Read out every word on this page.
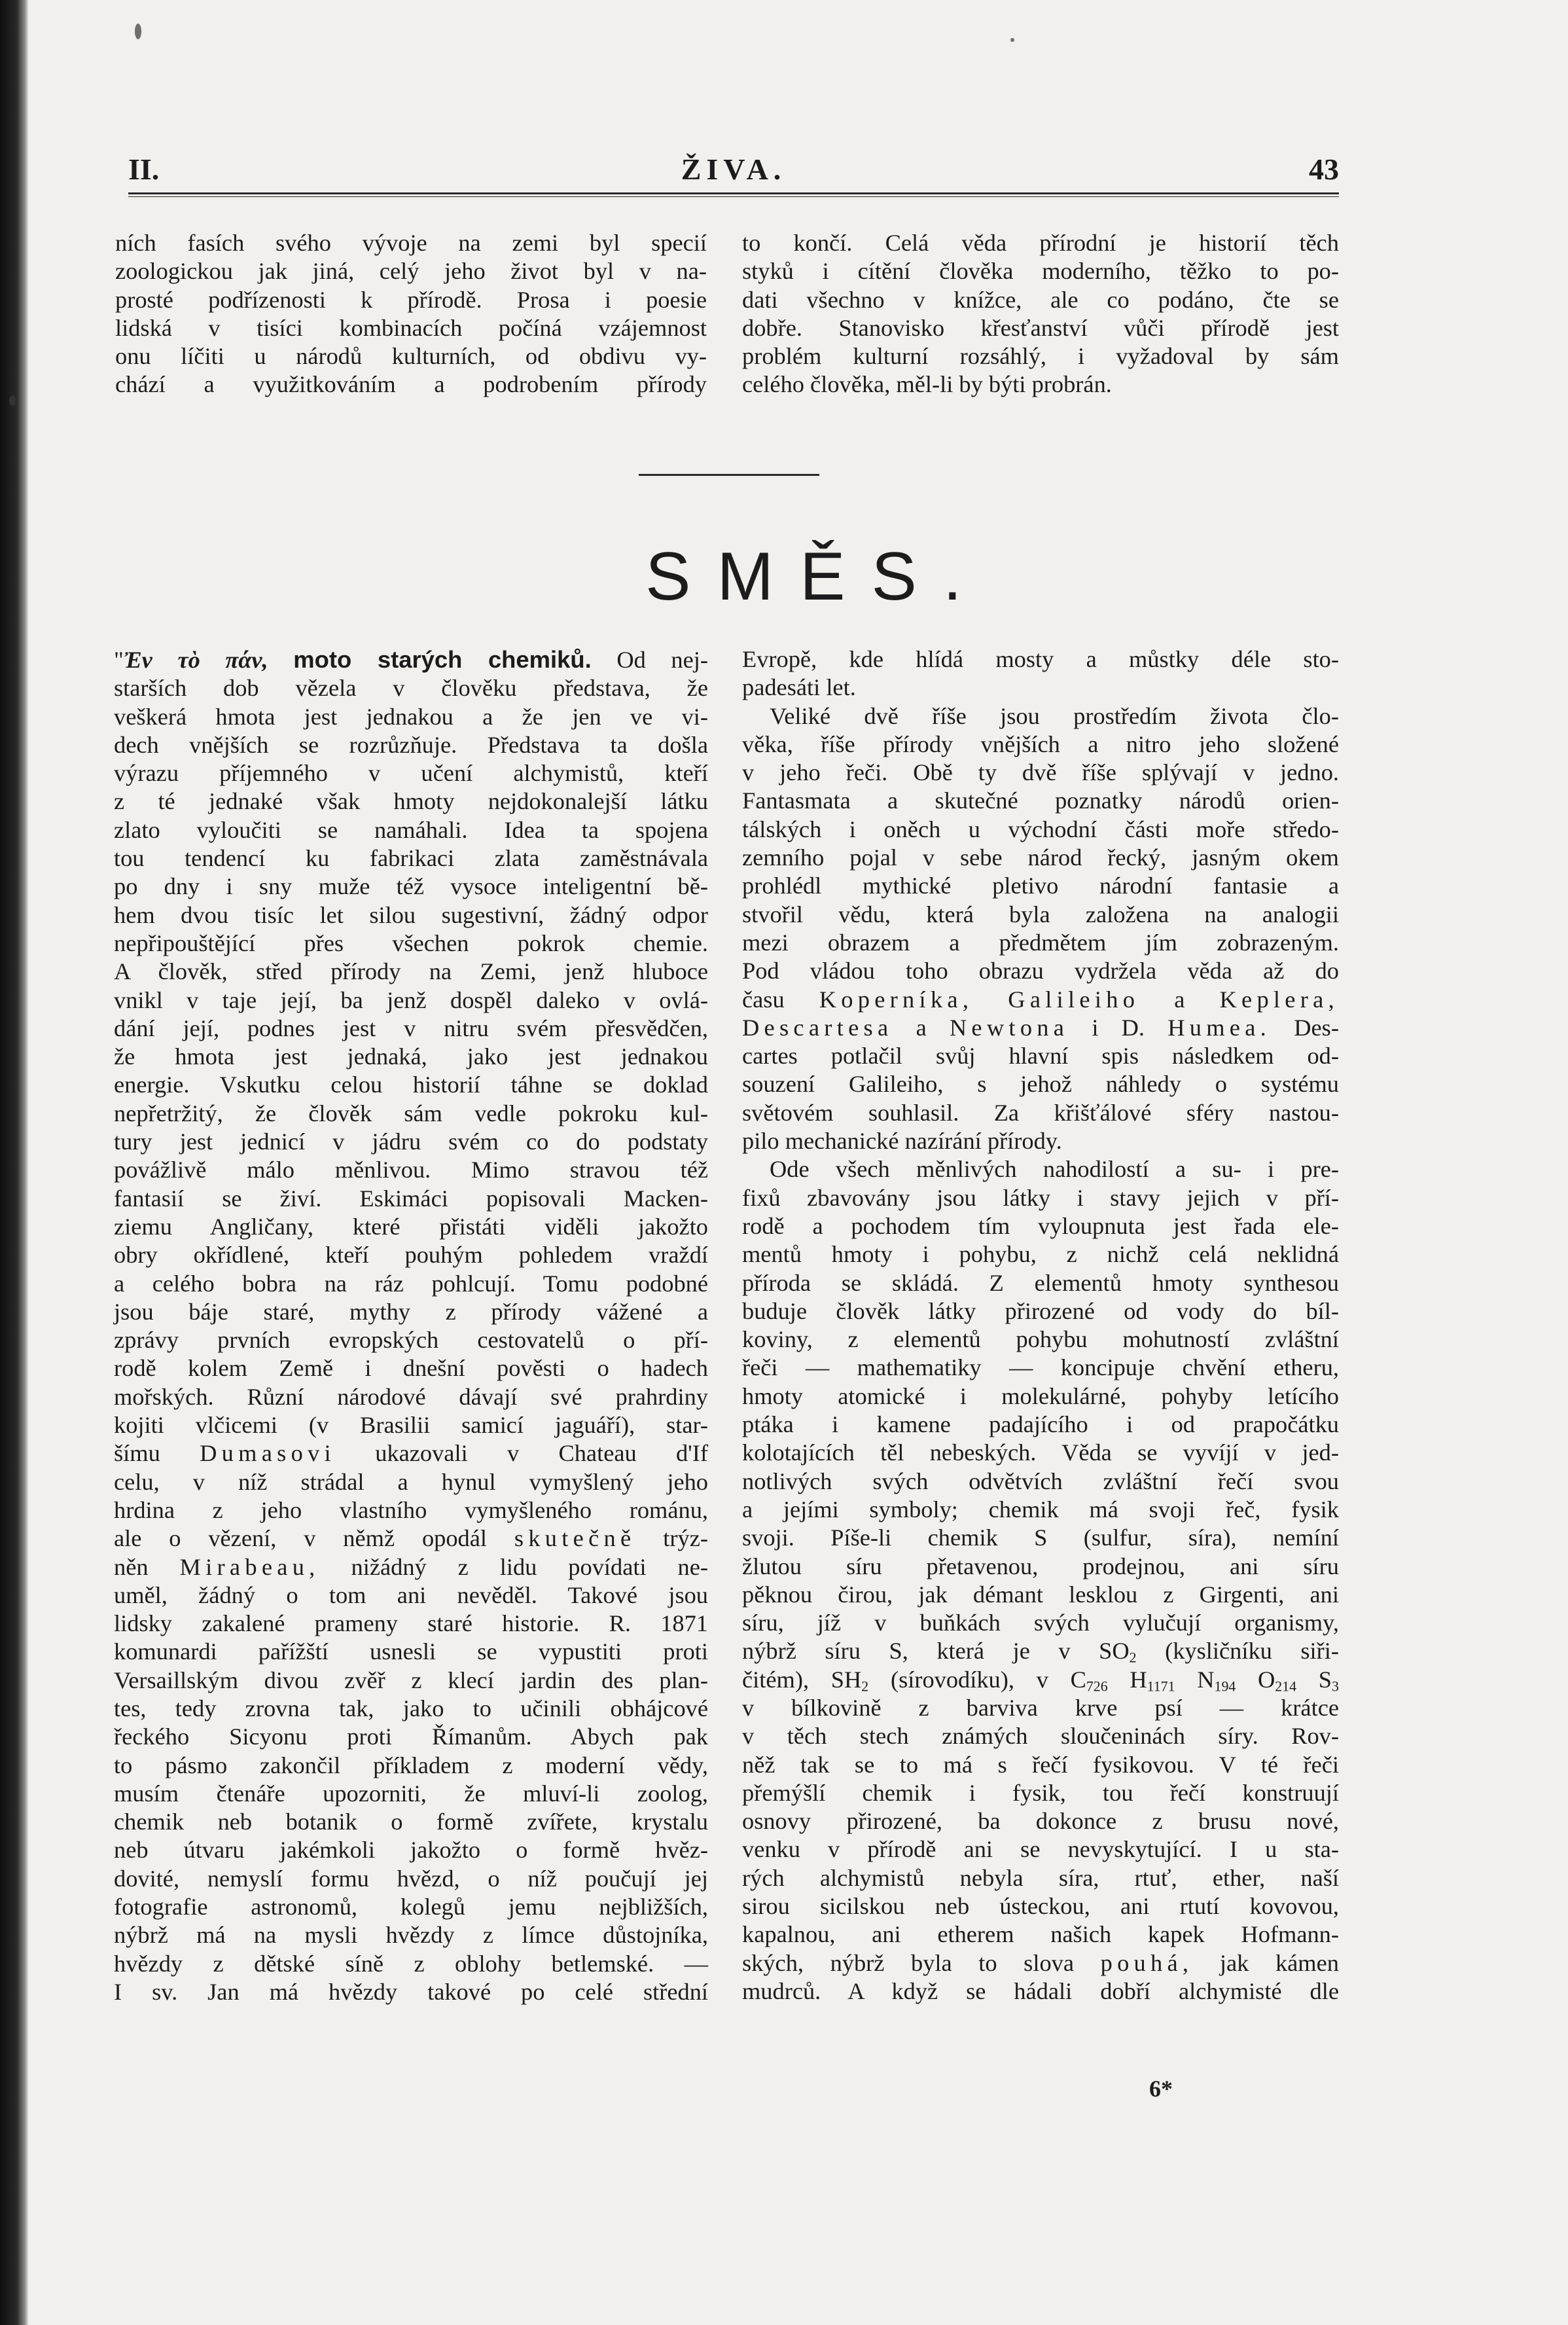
II.	ŽIVA.	43
ních fasích svého vývoje na zemi byl specií
zoologickou jak jiná, celý jeho život byl v na-
prosté podřízenosti k přírodě. Prosa i poesie
lidská v tisíci kombinacích počíná vzájemnost
onu líčiti u národů kulturních, od obdivu vy-
chází a využitkováním a podrobením přírody
to končí. Celá věda přírodní je historií těch
styků i cítění člověka moderního, těžko to po-
dati všechno v knížce, ale co podáno, čte se
dobře. Stanovisko křesťanství vůči přírodě jest
problém kulturní rozsáhlý, i vyžadoval by sám
celého člověka, měl-li by býti probrán.
SMĚS.
"Ἐν τὸ πάν, moto starých chemiků. Od nej-
starších dob vězela v člověku představa, že
veškerá hmota jest jednakou a že jen ve vi-
dech vnějších se rozrůzňuje. Představa ta došla
výrazu příjemného v učení alchymistů, kteří
z té jednaké však hmoty nejdokonalejší látku
zlato vyloučiti se namáhali. Idea ta spojena
tou tendencí ku fabrikaci zlata zaměstnávala
po dny i sny muže též vysoce inteligentní bě-
hem dvou tisíc let silou sugestivní, žádný odpor
nepřipouštějící přes všechen pokrok chemie.
A člověk, střed přírody na Zemi, jenž hluboce
vnikl v taje její, ba jenž dospěl daleko v ovlá-
dání její, podnes jest v nitru svém přesvědčen,
že hmota jest jednaká, jako jest jednakou
energie. Vskutku celou historií táhne se doklad
nepřetržitý, že člověk sám vedle pokroku kul-
tury jest jednicí v jádru svém co do podstaty
povážlivě málo měnlivou. Mimo stravou též
fantasií se živí. Eskimáci popisovali Macken-
ziemu Angličany, které přistáti viděli jakožto
obry okřídlené, kteří pouhým pohledem vraždí
a celého bobra na ráz pohlcují. Tomu podobné
jsou báje staré, mythy z přírody vážené a
zprávy prvních evropských cestovatelů o pří-
rodě kolem Země i dnešní pověsti o hadech
mořských. Různí národové dávají své prahrdiny
kojiti vlčicemi (v Brasilii samicí jaguáří), star-
šímu Dumasovi ukazovali v Chateau d'If
celu, v níž strádal a hynul vymyšlený jeho
hrdina z jeho vlastního vymyšleného románu,
ale o vězení, v němž opodál skutečně trýz-
něn Mirabeau, nižádný z lidu povídati ne-
uměl, žádný o tom ani nevěděl. Takové jsou
lidsky zakalené prameny staré historie. R. 1871
komunardi pařížští usnesli se vypustiti proti
Versaillským divou zvěř z klecí jardin des plan-
tes, tedy zrovna tak, jako to učinili obhájcové
řeckého Sicyonu proti Římanům. Abych pak
to pásmo zakončil příkladem z moderní vědy,
musím čtenáře upozorniti, že mluví-li zoolog,
chemik neb botanik o formě zvířete, krystalu
neb útvaru jakémkoli jakožto o formě hvěz-
dovité, nemyslí formu hvězd, o níž poučují jej
fotografie astronomů, kolegů jemu nejbližších,
nýbrž má na mysli hvězdy z límce důstojníka,
hvězdy z dětské síně z oblohy betlemské. —
I sv. Jan má hvězdy takové po celé střední
Evropě, kde hlídá mosty a můstky déle sto-
padesáti let.
Veliké dvě říše jsou prostředím života člo-
věka, říše přírody vnějších a nitro jeho složené
v jeho řeči. Obě ty dvě říše splývají v jedno.
Fantasmata a skutečné poznatky národů orien-
tálských i oněch u východní části moře středo-
zemního pojal v sebe národ řecký, jasným okem
prohlédl mythické pletivo národní fantasie a
stvořil vědu, která byla založena na analogii
mezi obrazem a předmětem jím zobrazeným.
Pod vládou toho obrazu vydržela věda až do
času Koperníka, Galileiho a Keplera,
Descartesa a Newtona i D. Humea. Des-
cartes potlačil svůj hlavní spis následkem od-
souzení Galileiho, s jehož náhledy o systému
světovém souhlasil. Za křišťálové sféry nastou-
pilo mechanické nazírání přírody.
Ode všech měnlivých nahodilostí a su- i pre-
fixů zbavovány jsou látky i stavy jejich v pří-
rodě a pochodem tím vyloupnuta jest řada ele-
mentů hmoty i pohybu, z nichž celá neklidná
příroda se skládá. Z elementů hmoty synthesou
buduje člověk látky přirozené od vody do bíl-
koviny, z elementů pohybu mohutností zvláštní
řeči — mathematiky — koncipuje chvění etheru,
hmoty atomické i molekulárné, pohyby letícího
ptáka i kamene padajícího i od prapočátku
kolotajících těl nebeských. Věda se vyvíjí v jed-
notlivých svých odvětvích zvláštní řečí svou
a jejími symboly; chemik má svoji řeč, fysik
svoji. Píše-li chemik S (sulfur, síra), nemíní
žlutou síru přetavenou, prodejnou, ani síru
pěknou čirou, jak démant lesklou z Girgenti, ani
síru, jíž v buňkách svých vylučují organismy,
nýbrž síru S, která je v $SO_2$ (kysličníku siři-
čitém), $SH_2$ (sírovodíku), v $C_{726}$ $H_{1171}$ $N_{194}$ $O_{214}$ $S_3$
v bílkovině z barviva krve psí — krátce
v těch stech známých sloučeninách síry. Rov-
něž tak se to má s řečí fysikovou. V té řeči
přemýšlí chemik i fysik, tou řečí konstruují
osnovy přirozené, ba dokonce z brusu nové,
venku v přírodě ani se nevyskytující. I u sta-
rých alchymistů nebyla síra, rtuť, ether, naší
sirou sicilskou neb ústeckou, ani rtutí kovovou,
kapalnou, ani etherem našich kapek Hofmann-
ských, nýbrž byla to slova pouhá, jak kámen
mudrců. A když se hádali dobří alchymisté dle
6*
